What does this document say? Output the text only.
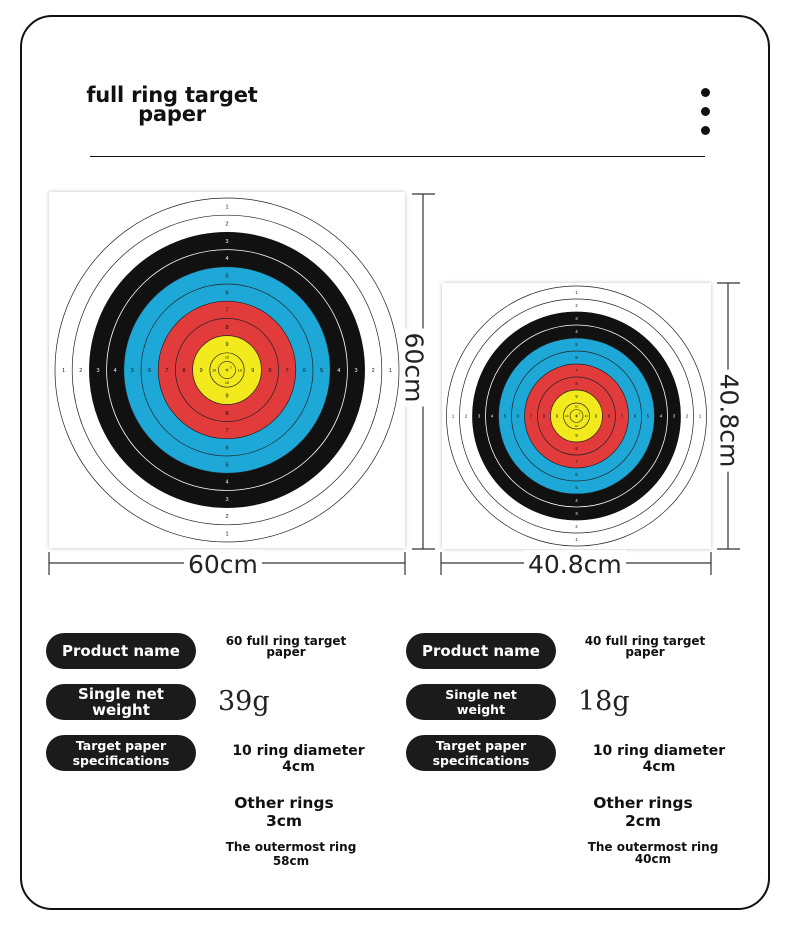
full ring target paper
1
1
1	1
2
2
2	2
3
3
3	3
4
4
4	4
5
5
5	5
6
6
6	6
7
7
7	7
8
8
8	8
9
9
9	9
10
10
10	10
X
1
1
1	1
2
2
2	2
3
3
3	3
4
4
4	4
5
5
5	5
6
6
6	6
7
7
7	7
8
8
8	8
9
9
9	9
10
10
10	10
X
60cm
60cm
40.8cm
40.8cm
Product name
60 full ring target paper
Single net weight	39g
Target paper specifications
10 ring diameter 4cm
Other rings 3cm
The outermost ring 58cm
Product name
40 full ring target paper
Single net weight	18g
Target paper specifications
10 ring diameter 4cm
Other rings 2cm
The outermost ring 40cm
